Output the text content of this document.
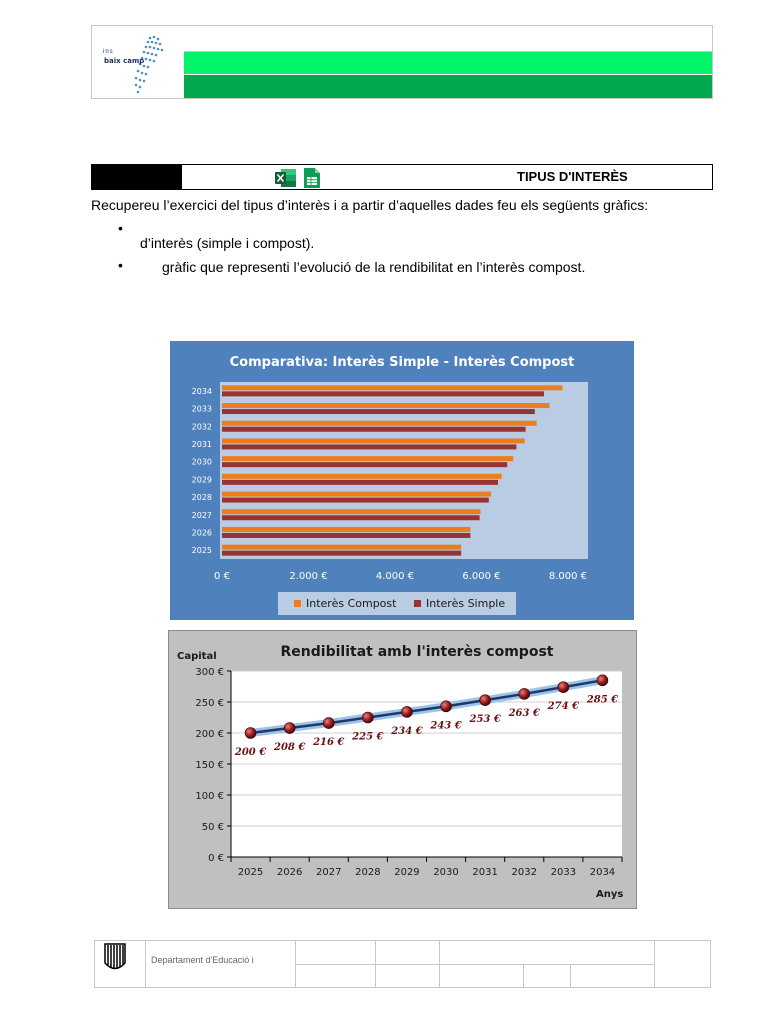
ins
baix camp
TIPUS D'INTERÈS
Recupereu l’exercici del tipus d’interès i a partir d’aquelles dades feu els següents gràfics:
•
d’interès (simple i compost).
•	gràfic que representi l’evolució de la rendibilitat en l’interès compost.
Comparativa: Interès Simple - Interès Compost
2025
2026
2027
2028
2029
2030
2031
2032
2033
2034
0 €	2.000 €	4.000 €	6.000 €	8.000 €
Interès Compost	Interès Simple
Rendibilitat amb l'interès compost
Capital
Anys
200 € 208 € 216 €
225 €
234 €
243 €
253 €
263 €
274 €
285 €
0 €
50 €
100 €
150 €
200 €
250 €
300 €
2025 2026 2027 2028 2029 2030 2031 2032 2033 2034
Departament d'Educació i
